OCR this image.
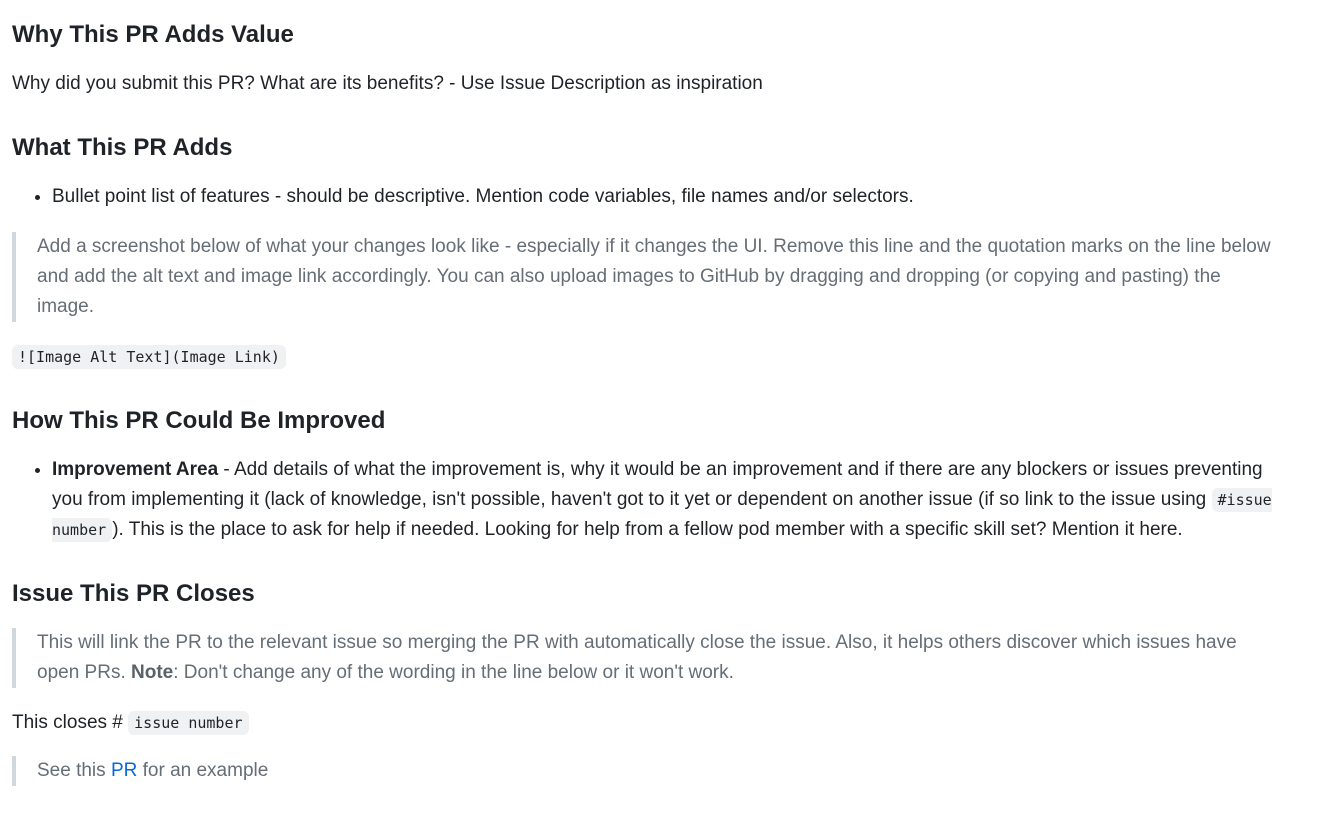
Why This PR Adds Value

Why did you submit this PR? What are its benefits? - Use Issue Description as inspiration

What This PR Adds
• Bullet point list of features - should be descriptive. Mention code variables, file names and/or selectors.
Add a screenshot below of what your changes look like - especially if it changes the UI. Remove this line and the quotation marks on the line below and add the alt text and image link accordingly. You can also upload images to GitHub by dragging and dropping (or copying and pasting) the image.

![Image Alt Text](Image Link)

How This PR Could Be Improved
• Improvement Area - Add details of what the improvement is, why it would be an improvement and if there are any blockers or issues preventing you from implementing it (lack of knowledge, isn't possible, haven't got to it yet or dependent on another issue (if so link to the issue using #issue number ). This is the place to ask for help if needed. Looking for help from a fellow pod member with a specific skill set? Mention it here.
Issue This PR Closes
This will link the PR to the relevant issue so merging the PR with automatically close the issue. Also, it helps others discover which issues have open PRs. Note: Don't change any of the wording in the line below or it won't work.

This closes # issue number

See this PR for an example
